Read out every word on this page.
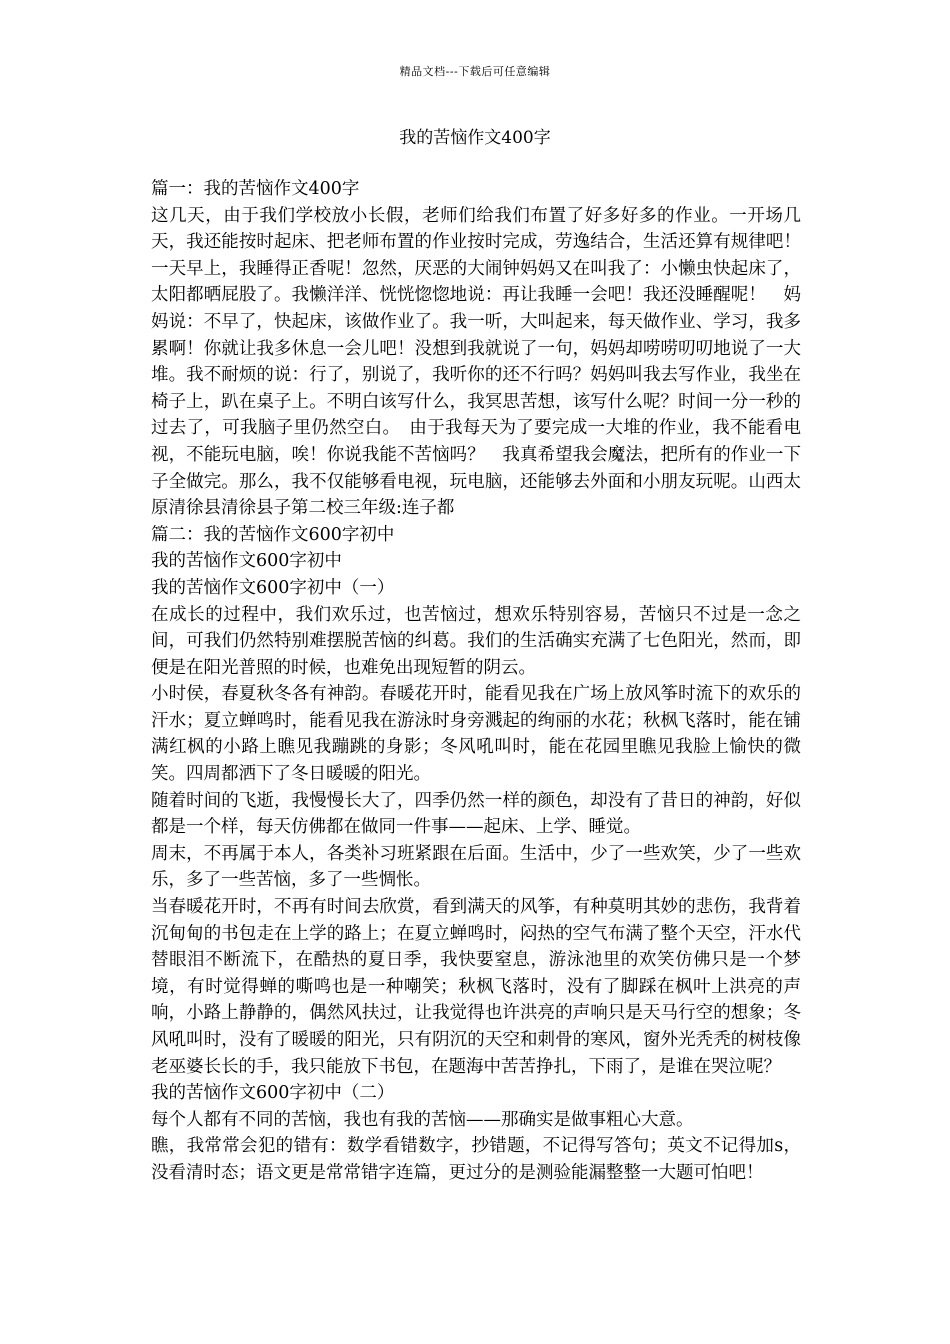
精品文档---下载后可任意编辑
我的苦恼作文400字

篇一：我的苦恼作文400字

这几天，由于我们学校放小长假，老师们给我们布置了好多好多的作业。一开场几天，我还能按时起床、把老师布置的作业按时完成，劳逸结合，生活还算有规律吧！　一天早上，我睡得正香呢！忽然，厌恶的大闹钟妈妈又在叫我了：小懒虫快起床了，太阳都晒屁股了。我懒洋洋、恍恍惚惚地说：再让我睡一会吧！我还没睡醒呢！　妈妈说：不早了，快起床，该做作业了。我一听，大叫起来，每天做作业、学习，我多累啊！你就让我多休息一会儿吧！没想到我就说了一句，妈妈却唠唠叨叨地说了一大堆。我不耐烦的说：行了，别说了，我听你的还不行吗？妈妈叫我去写作业，我坐在椅子上，趴在桌子上。不明白该写什么，我冥思苦想，该写什么呢？时间一分一秒的过去了，可我脑子里仍然空白。　由于我每天为了要完成一大堆的作业，我不能看电视，不能玩电脑，唉！你说我能不苦恼吗？　我真希望我会魔法，把所有的作业一下子全做完。那么，我不仅能够看电视，玩电脑，还能够去外面和小朋友玩呢。山西太原清徐县清徐县子第二校三年级:连子都

篇二：我的苦恼作文600字初中

我的苦恼作文600字初中

我的苦恼作文600字初中（一）

在成长的过程中，我们欢乐过，也苦恼过，想欢乐特别容易，苦恼只不过是一念之间，可我们仍然特别难摆脱苦恼的纠葛。我们的生活确实充满了七色阳光，然而，即便是在阳光普照的时候，也难免出现短暂的阴云。

小时侯，春夏秋冬各有神韵。春暖花开时，能看见我在广场上放风筝时流下的欢乐的汗水；夏立蝉鸣时，能看见我在游泳时身旁溅起的绚丽的水花；秋枫飞落时，能在铺满红枫的小路上瞧见我蹦跳的身影；冬风吼叫时，能在花园里瞧见我脸上愉快的微笑。四周都洒下了冬日暖暖的阳光。

随着时间的飞逝，我慢慢长大了，四季仍然一样的颜色，却没有了昔日的神韵，好似都是一个样，每天仿佛都在做同一件事——起床、上学、睡觉。

周末，不再属于本人，各类补习班紧跟在后面。生活中，少了一些欢笑，少了一些欢乐，多了一些苦恼，多了一些惆怅。

当春暖花开时，不再有时间去欣赏，看到满天的风筝，有种莫明其妙的悲伤，我背着沉甸甸的书包走在上学的路上；在夏立蝉鸣时，闷热的空气布满了整个天空，汗水代替眼泪不断流下，在酷热的夏日季，我快要窒息，游泳池里的欢笑仿佛只是一个梦境，有时觉得蝉的嘶鸣也是一种嘲笑；秋枫飞落时，没有了脚踩在枫叶上洪亮的声响，小路上静静的，偶然风扶过，让我觉得也许洪亮的声响只是天马行空的想象；冬风吼叫时，没有了暖暖的阳光，只有阴沉的天空和刺骨的寒风，窗外光秃秃的树枝像老巫婆长长的手，我只能放下书包，在题海中苦苦挣扎，下雨了，是谁在哭泣呢？

我的苦恼作文600字初中（二）

每个人都有不同的苦恼，我也有我的苦恼——那确实是做事粗心大意。

瞧，我常常会犯的错有：数学看错数字，抄错题，不记得写答句；英文不记得加s，没看清时态；语文更是常常错字连篇，更过分的是测验能漏整整一大题可怕吧！
